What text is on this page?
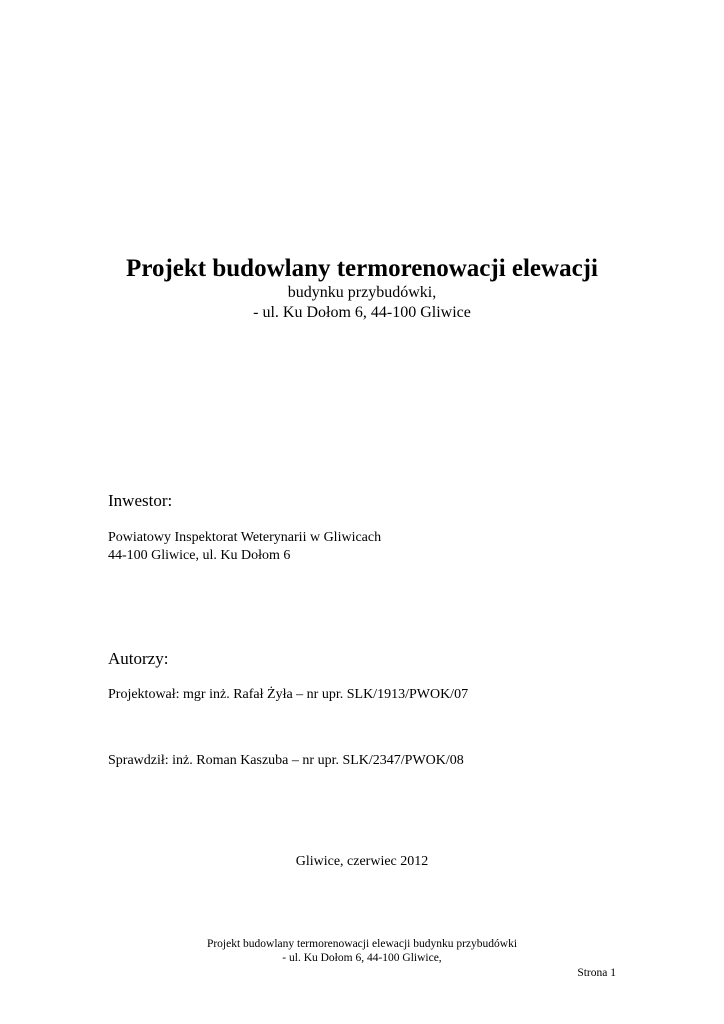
Projekt budowlany termorenowacji elewacji
budynku przybudówki,
- ul. Ku Dołom 6, 44-100 Gliwice
Inwestor:
Powiatowy Inspektorat Weterynarii w Gliwicach
44-100 Gliwice, ul. Ku Dołom 6
Autorzy:
Projektował: mgr inż. Rafał Żyła – nr upr. SLK/1913/PWOK/07
Sprawdził: inż. Roman Kaszuba – nr upr. SLK/2347/PWOK/08
Gliwice, czerwiec 2012
Projekt budowlany termorenowacji elewacji budynku przybudówki
- ul. Ku Dołom 6, 44-100 Gliwice,
Strona 1
